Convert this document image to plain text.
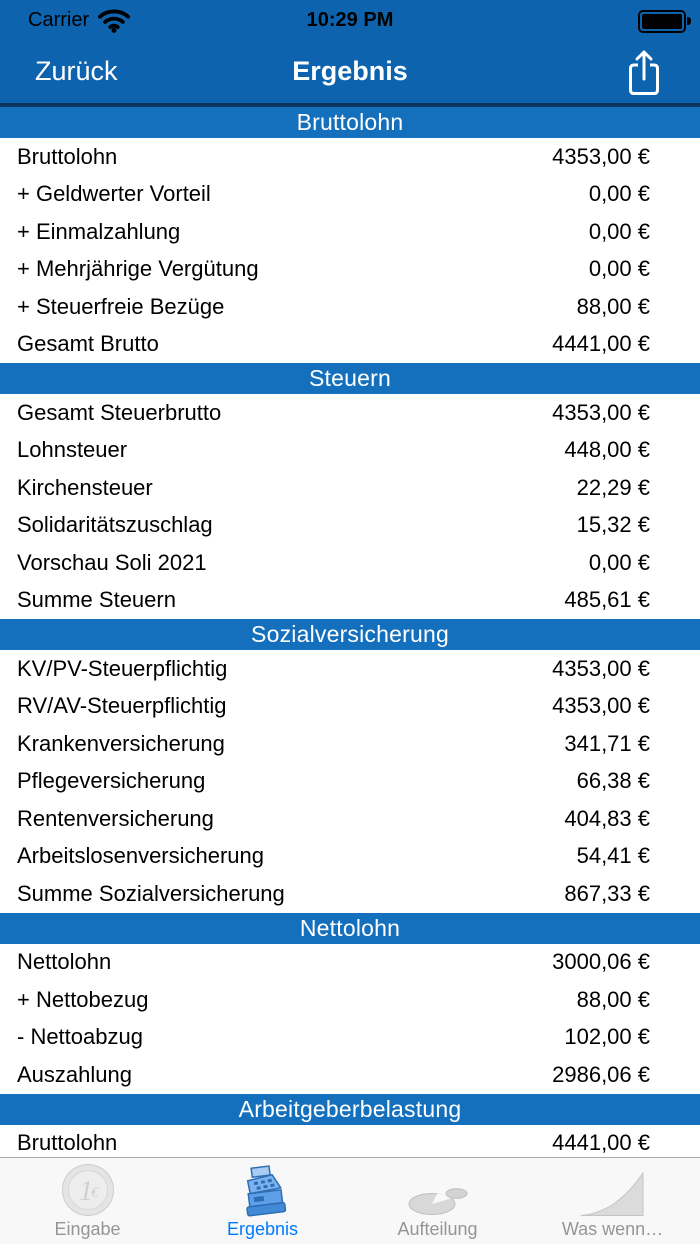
Carrier	10:29 PM
Zurück	Ergebnis
Bruttolohn
Bruttolohn	4353,00 €
+ Geldwerter Vorteil	0,00 €
+ Einmalzahlung	0,00 €
+ Mehrjährige Vergütung	0,00 €
+ Steuerfreie Bezüge	88,00 €
Gesamt Brutto	4441,00 €
Steuern
Gesamt Steuerbrutto	4353,00 €
Lohnsteuer	448,00 €
Kirchensteuer	22,29 €
Solidaritätszuschlag	15,32 €
Vorschau Soli 2021	0,00 €
Summe Steuern	485,61 €
Sozialversicherung
KV/PV-Steuerpflichtig	4353,00 €
RV/AV-Steuerpflichtig	4353,00 €
Krankenversicherung	341,71 €
Pflegeversicherung	66,38 €
Rentenversicherung	404,83 €
Arbeitslosenversicherung	54,41 €
Summe Sozialversicherung	867,33 €
Nettolohn
Nettolohn	3000,06 €
+ Nettobezug	88,00 €
- Nettoabzug	102,00 €
Auszahlung	2986,06 €
Arbeitgeberbelastung
Bruttolohn	4441,00 €
1
€
Eingabe	Ergebnis	Aufteilung	Was wenn…
